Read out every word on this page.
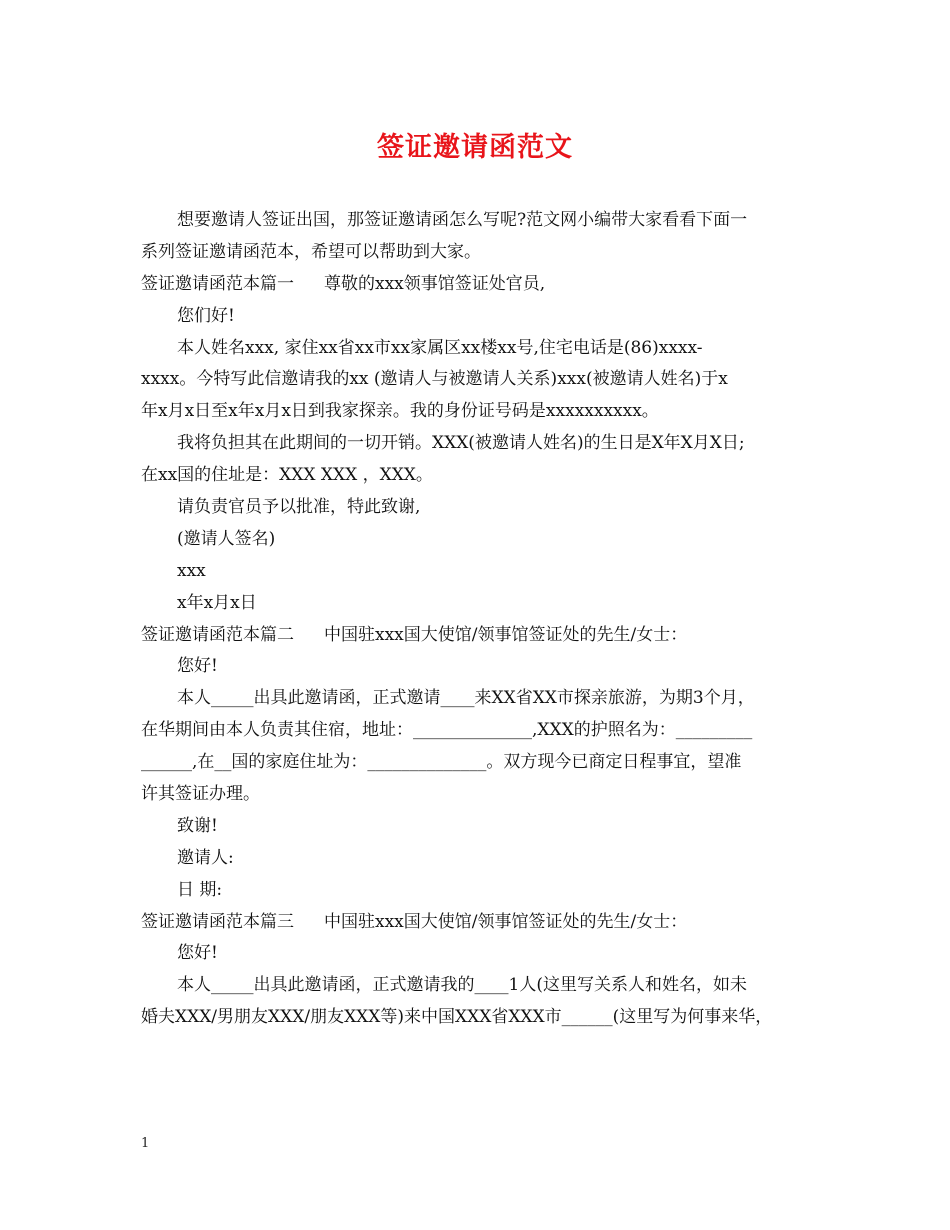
签证邀请函范文
想要邀请人签证出国，那签证邀请函怎么写呢?范文网小编带大家看看下面一
系列签证邀请函范本，希望可以帮助到大家。
签证邀请函范本篇一 尊敬的xxx领事馆签证处官员,
您们好!
本人姓名xxx, 家住xx省xx市xx家属区xx楼xx号,住宅电话是(86)xxxx-
xxxx。今特写此信邀请我的xx (邀请人与被邀请人关系)xxx(被邀请人姓名)于x
年x月x日至x年x月x日到我家探亲。我的身份证号码是xxxxxxxxxx。
我将负担其在此期间的一切开销。XXX(被邀请人姓名)的生日是X年X月X日;
在xx国的住址是：XXX XXX ，XXX。
请负责官员予以批准，特此致谢,
(邀请人签名)
xxx
x年x月x日
签证邀请函范本篇二 中国驻xxx国大使馆/领事馆签证处的先生/女士：
您好!
本人_____出具此邀请函，正式邀请____来XX省XX市探亲旅游，为期3个月，
在华期间由本人负责其住宿，地址：______________,XXX的护照名为：_________
______,在__国的家庭住址为：______________。双方现今已商定日程事宜，望准
许其签证办理。
致谢!
邀请人:
日 期:
签证邀请函范本篇三 中国驻xxx国大使馆/领事馆签证处的先生/女士：
您好!
本人_____出具此邀请函，正式邀请我的____1人(这里写关系人和姓名，如未
婚夫XXX/男朋友XXX/朋友XXX等)来中国XXX省XXX市______(这里写为何事来华，
1
